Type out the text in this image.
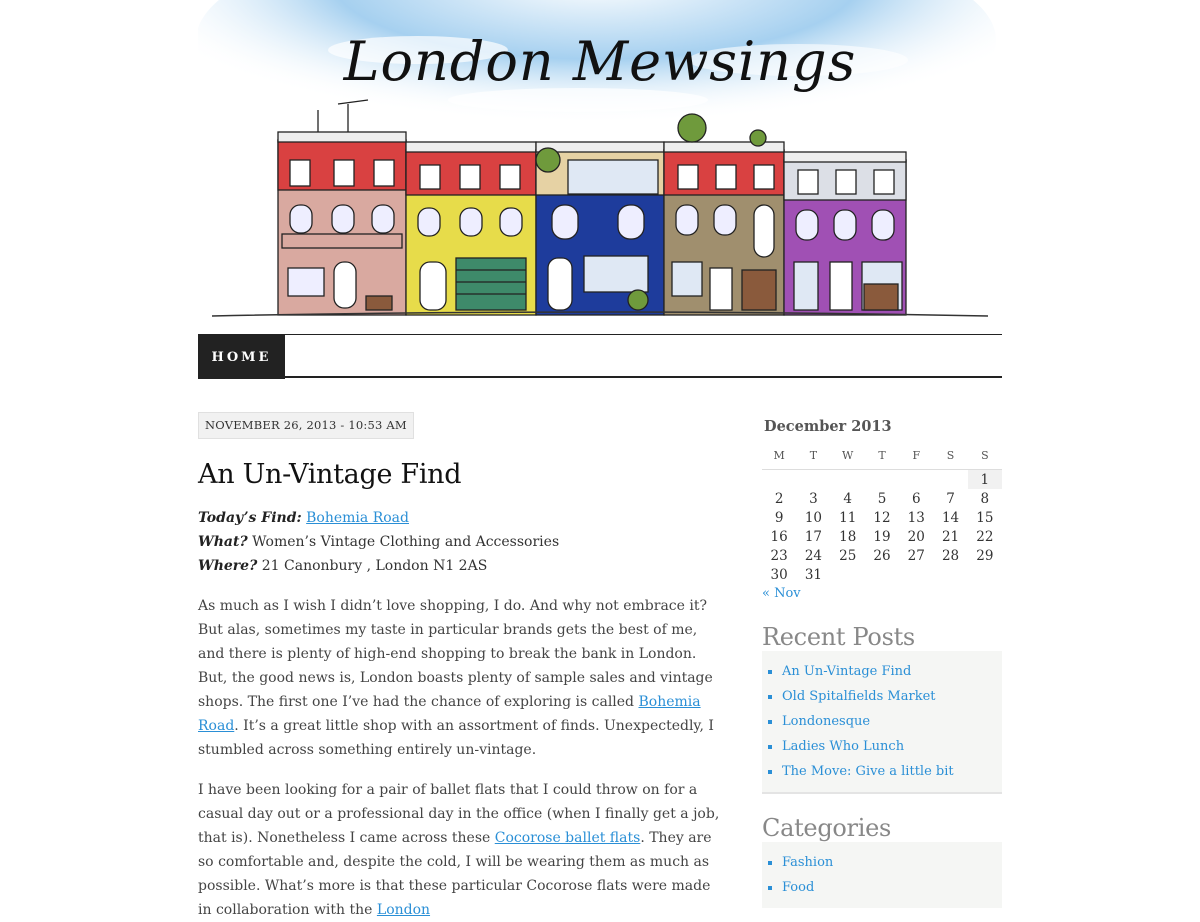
London Mewsings
HOME
NOVEMBER 26, 2013 - 10:53 AM
An Un-Vintage Find
Today’s Find: Bohemia Road
What? Women’s Vintage Clothing and Accessories
Where? 21 Canonbury , London N1 2AS

As much as I wish I didn’t love shopping, I do. And why not embrace it? But alas, sometimes my taste in particular brands gets the best of me, and there is plenty of high-end shopping to break the bank in London. But, the good news is, London boasts plenty of sample sales and vintage shops. The first one I’ve had the chance of exploring is called Bohemia Road. It’s a great little shop with an assortment of finds. Unexpectedly, I stumbled across something entirely un-vintage.

I have been looking for a pair of ballet flats that I could throw on for a casual day out or a professional day in the office (when I finally get a job, that is). Nonetheless I came across these Cocorose ballet flats. They are so comfortable and, despite the cold, I will be wearing them as much as possible. What’s more is that these particular Cocorose flats were made in collaboration with the London

December 2013
M	T	W	T	F	S	S
						1
2	3	4	5	6	7	8
9	10	11	12	13	14	15
16	17	18	19	20	21	22
23	24	25	26	27	28	29
30	31					
« Nov
Recent Posts
▪ An Un-Vintage Find
▪ Old Spitalfields Market
▪ Londonesque
▪ Ladies Who Lunch
▪ The Move: Give a little bit
Categories
▪ Fashion
▪ Food
